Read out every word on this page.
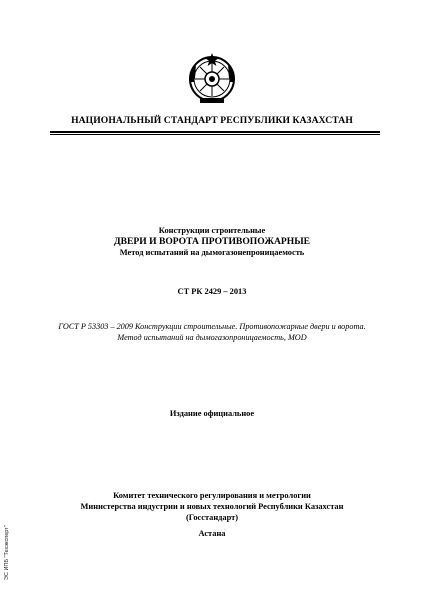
НАЦИОНАЛЬНЫЙ СТАНДАРТ РЕСПУБЛИКИ КАЗАХСТАН
Конструкции строительные
ДВЕРИ И ВОРОТА ПРОТИВОПОЖАРНЫЕ
Метод испытаний на дымогазонепроницаемость
СТ РК 2429 – 2013
ГОСТ Р 53303 – 2009 Конструкции строительные. Противопожарные двери и ворота.
Метод испытаний на дымогазопроницаемость, MOD
Издание официальное
Комитет технического регулирования и метрологии
Министерства индустрии и новых технологий Республики Казахстан
(Госстандарт)
Астана
ЭС ИПБ "Техэксперт"
